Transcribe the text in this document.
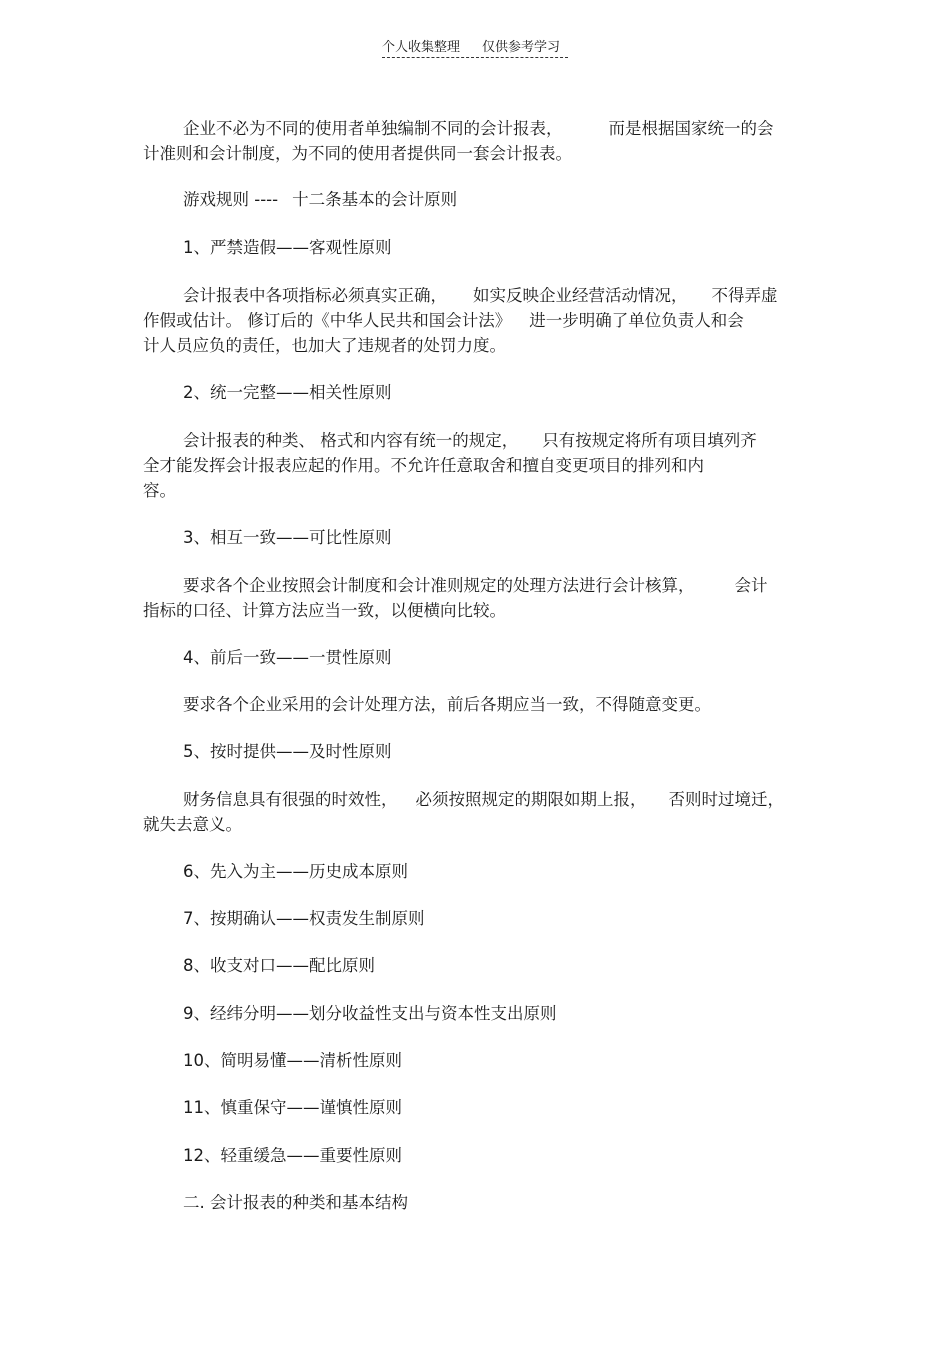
个人收集整理 仅供参考学习
企业不必为不同的使用者单独编制不同的会计报表，	而是根据国家统一的会
计准则和会计制度，为不同的使用者提供同一套会计报表。
游戏规则 ---- 十二条基本的会计原则
1、严禁造假——客观性原则
会计报表中各项指标必须真实正确， 如实反映企业经营活动情况， 不得弄虚
作假或估计。 修订后的《中华人民共和国会计法》 进一步明确了单位负责人和会
计人员应负的责任，也加大了违规者的处罚力度。
2、统一完整——相关性原则
会计报表的种类、 格式和内容有统一的规定， 只有按规定将所有项目填列齐
全才能发挥会计报表应起的作用。不允许任意取舍和擅自变更项目的排列和内
容。
3、相互一致——可比性原则
要求各个企业按照会计制度和会计准则规定的处理方法进行会计核算， 会计
指标的口径、计算方法应当一致，以便横向比较。
4、前后一致——一贯性原则
要求各个企业采用的会计处理方法，前后各期应当一致，不得随意变更。
5、按时提供——及时性原则
财务信息具有很强的时效性， 必须按照规定的期限如期上报， 否则时过境迁，
就失去意义。
6、先入为主——历史成本原则
7、按期确认——权责发生制原则
8、收支对口——配比原则
9、经纬分明——划分收益性支出与资本性支出原则
10、简明易懂——清析性原则
11、慎重保守——谨慎性原则
12、轻重缓急——重要性原则
二. 会计报表的种类和基本结构
